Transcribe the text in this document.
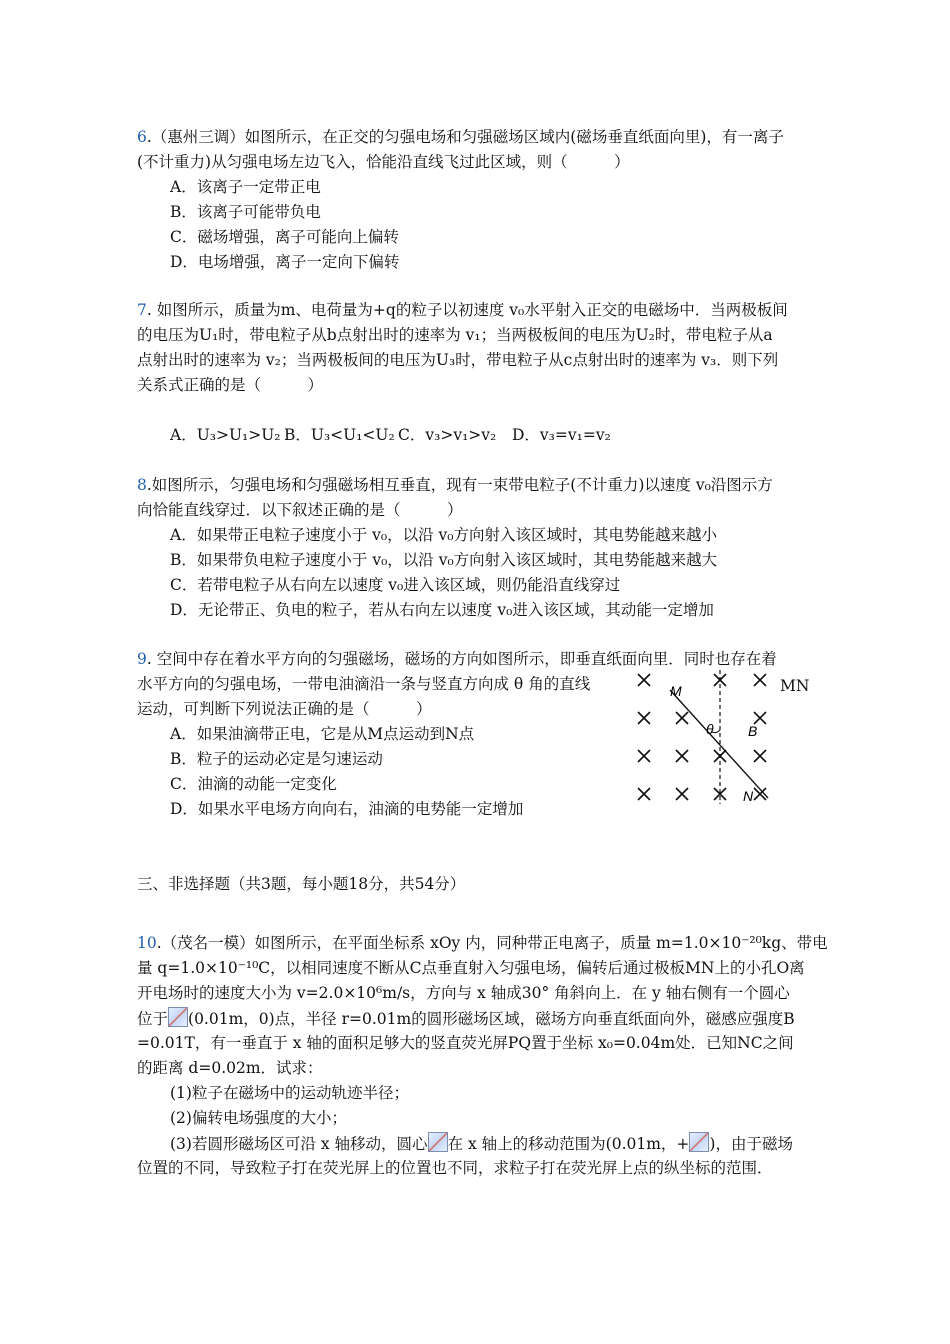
6.（惠州三调）如图所示，在正交的匀强电场和匀强磁场区域内(磁场垂直纸面向里)，有一离子
(不计重力)从匀强电场左边飞入，恰能沿直线飞过此区域，则（　　　）
A．该离子一定带正电
B．该离子可能带负电
C．磁场增强，离子可能向上偏转
D．电场增强，离子一定向下偏转
7. 如图所示，质量为m、电荷量为+q的粒子以初速度 v₀水平射入正交的电磁场中．当两极板间
的电压为U₁时，带电粒子从b点射出时的速率为 v₁；当两极板间的电压为U₂时，带电粒子从a
点射出时的速率为 v₂；当两极板间的电压为U₃时，带电粒子从c点射出时的速率为 v₃．则下列
关系式正确的是（　　　）
A．U₃>U₁>U₂ B．U₃<U₁<U₂ C．v₃>v₁>v₂ D．v₃=v₁=v₂
8.如图所示，匀强电场和匀强磁场相互垂直，现有一束带电粒子(不计重力)以速度 v₀沿图示方
向恰能直线穿过．以下叙述正确的是（　　　）
A．如果带正电粒子速度小于 v₀，以沿 v₀方向射入该区域时，其电势能越来越小
B．如果带负电粒子速度小于 v₀，以沿 v₀方向射入该区域时，其电势能越来越大
C．若带电粒子从右向左以速度 v₀进入该区域，则仍能沿直线穿过
D．无论带正、负电的粒子，若从右向左以速度 v₀进入该区域，其动能一定增加
9. 空间中存在着水平方向的匀强磁场，磁场的方向如图所示，即垂直纸面向里．同时也存在着
水平方向的匀强电场，一带电油滴沿一条与竖直方向成 θ 角的直线	MN
运动，可判断下列说法正确的是（　　　）
A．如果油滴带正电，它是从M点运动到N点
B．粒子的运动必定是匀速运动
C．油滴的动能一定变化
D．如果水平电场方向向右，油滴的电势能一定增加
M
θ B
N
三、非选择题（共3题，每小题18分，共54分）
10.（茂名一模）如图所示，在平面坐标系 xOy 内，同种带正电离子，质量 m=1.0×10⁻²⁰kg、带电
量 q=1.0×10⁻¹⁰C，以相同速度不断从C点垂直射入匀强电场，偏转后通过极板MN上的小孔O离
开电场时的速度大小为 v=2.0×10⁶m/s，方向与 x 轴成30° 角斜向上．在 y 轴右侧有一个圆心
位于 (0.01m，0)点，半径 r=0.01m的圆形磁场区域，磁场方向垂直纸面向外，磁感应强度B
=0.01T，有一垂直于 x 轴的面积足够大的竖直荧光屏PQ置于坐标 x₀=0.04m处．已知NC之间
的距离 d=0.02m．试求：
(1)粒子在磁场中的运动轨迹半径；
(2)偏转电场强度的大小；
(3)若圆形磁场区可沿 x 轴移动，圆心 在 x 轴上的移动范围为(0.01m，+ )，由于磁场
位置的不同，导致粒子打在荧光屏上的位置也不同，求粒子打在荧光屏上点的纵坐标的范围．
